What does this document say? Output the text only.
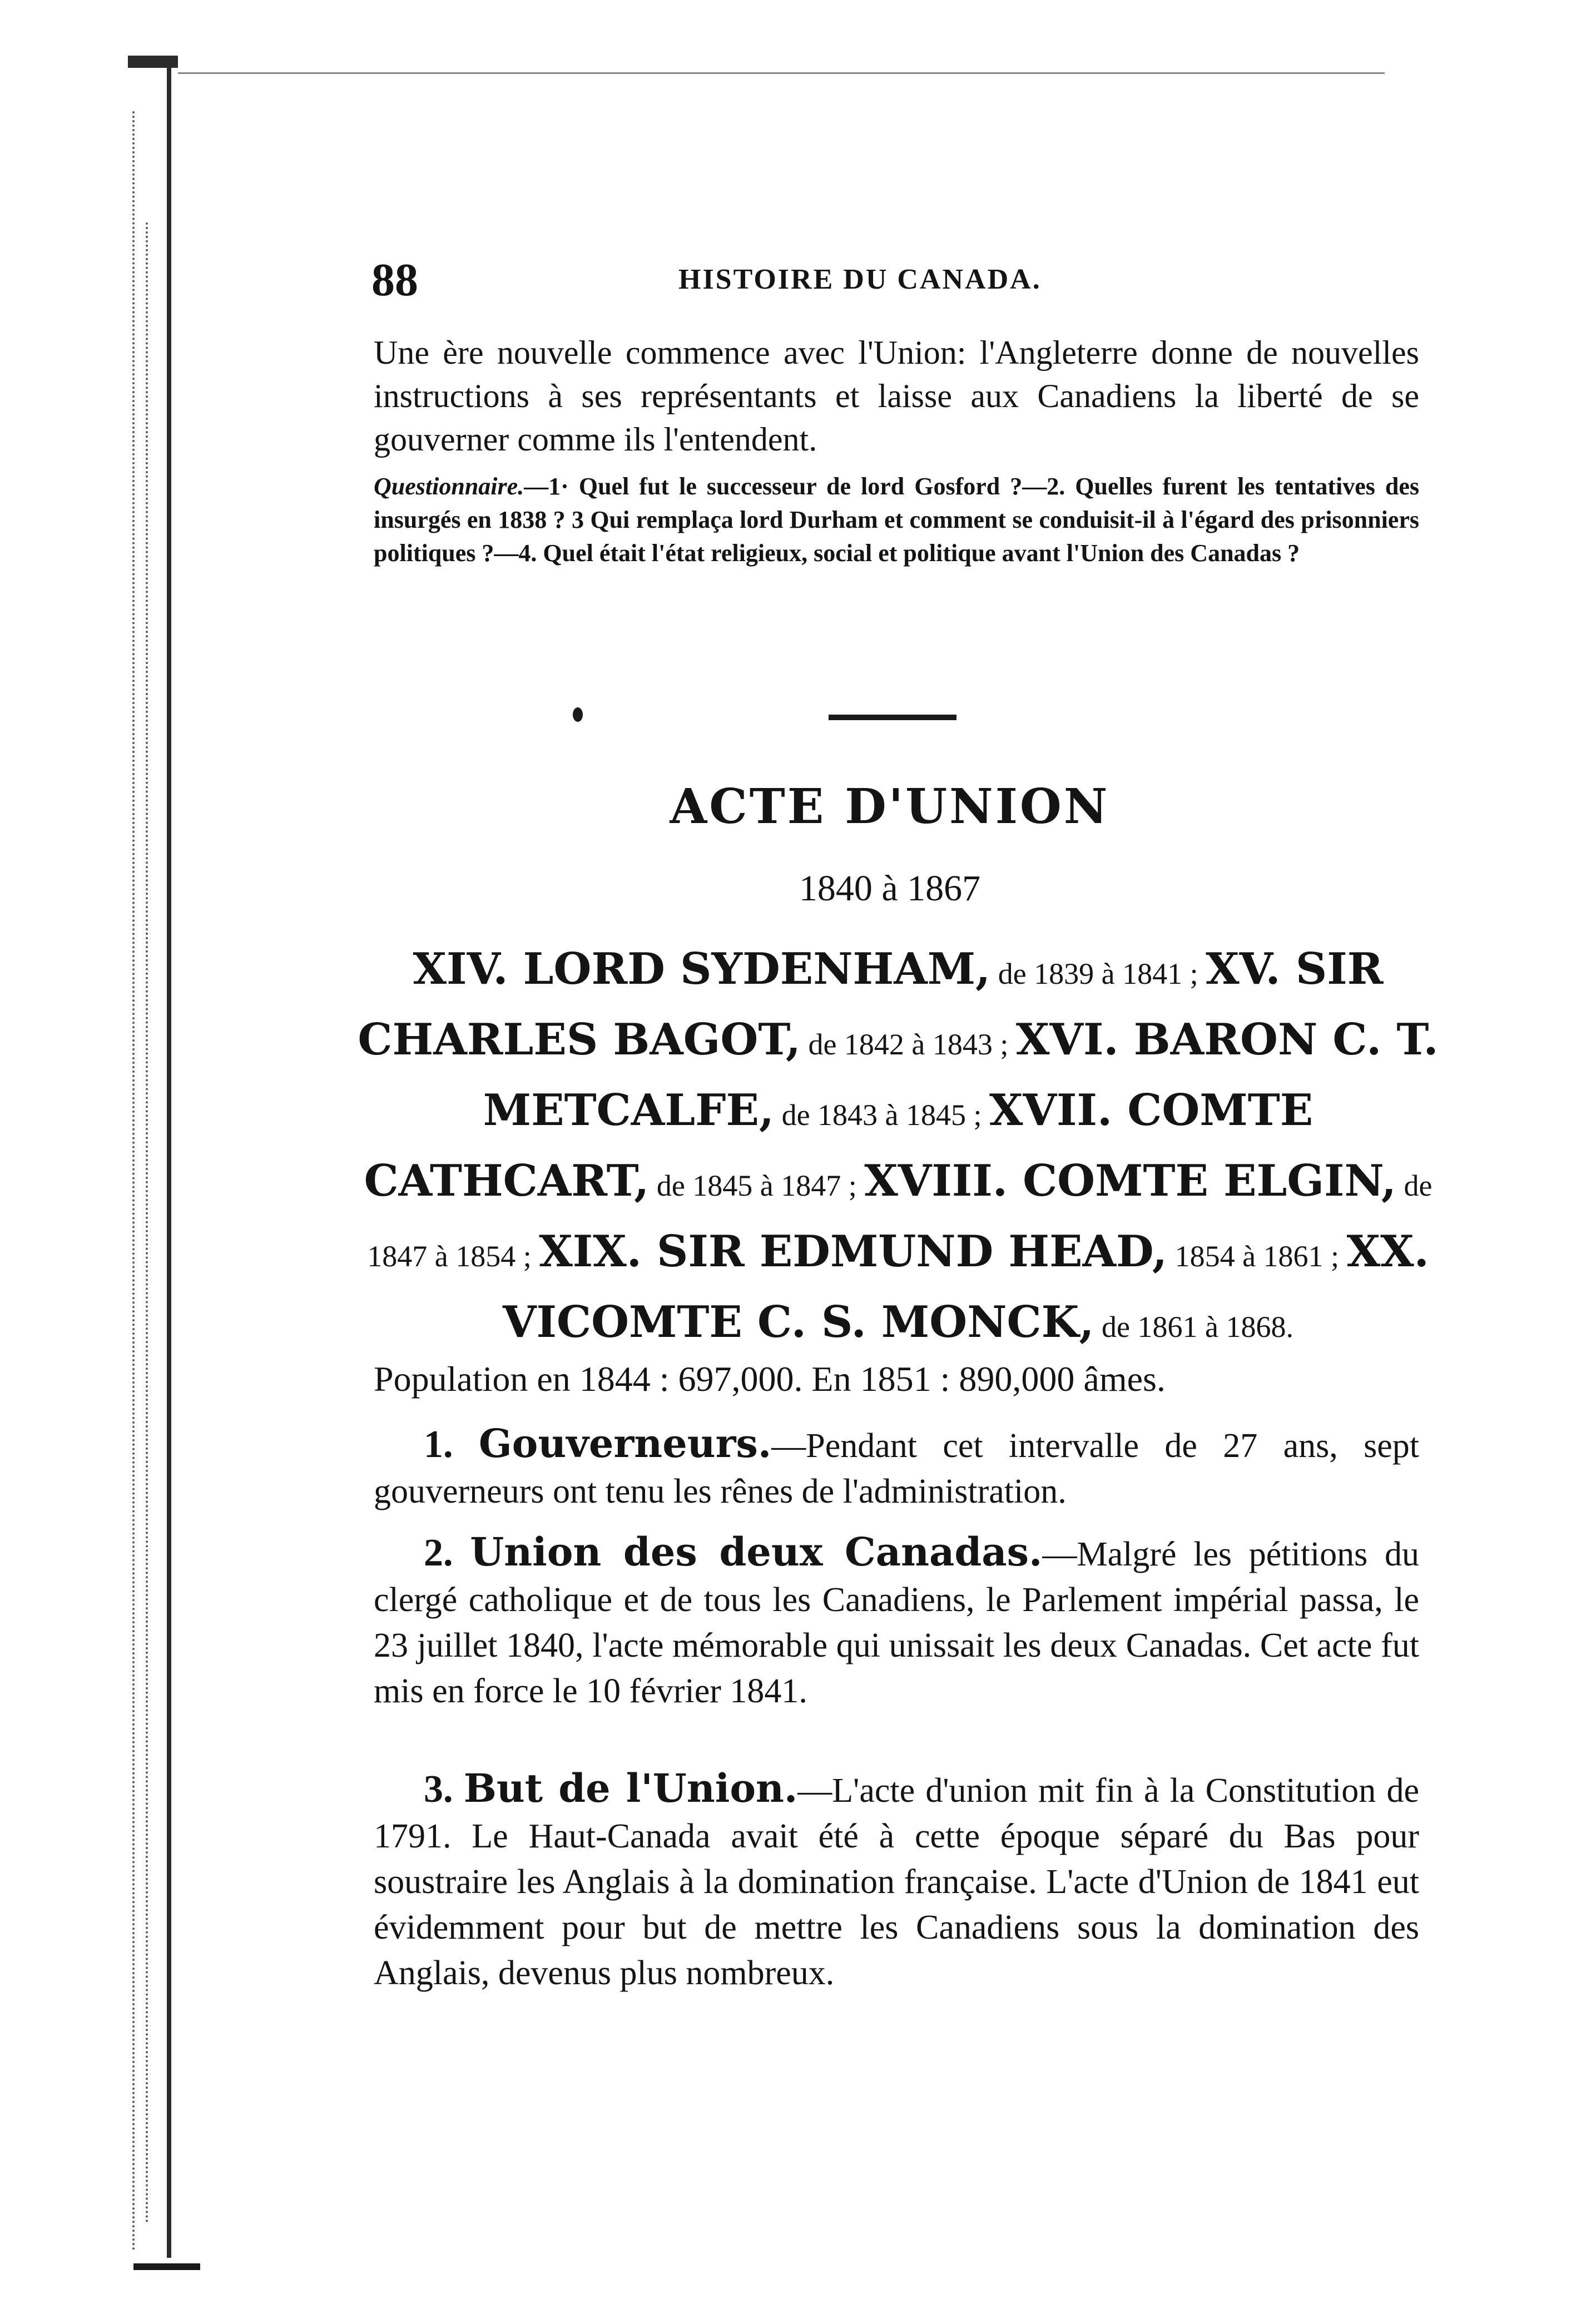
88	HISTOIRE DU CANADA.

Une ère nouvelle commence avec l'Union: l'Angleterre donne de nouvelles instructions à ses représentants et laisse aux Canadiens la liberté de se gouverner comme ils l'entendent.

Questionnaire.—1· Quel fut le successeur de lord Gosford ?—2. Quelles furent les tentatives des insurgés en 1838 ? 3 Qui remplaça lord Durham et comment se conduisit-il à l'égard des prisonniers politiques ?—4. Quel était l'état religieux, social et politique avant l'Union des Canadas ?

ACTE D'UNION
1840 à 1867
XIV. LORD SYDENHAM, de 1839 à 1841 ; XV. SIR CHARLES BAGOT, de 1842 à 1843 ; XVI. BARON C. T. METCALFE, de 1843 à 1845 ; XVII. COMTE CATHCART, de 1845 à 1847 ; XVIII. COMTE ELGIN, de 1847 à 1854 ; XIX. SIR EDMUND HEAD, 1854 à 1861 ; XX. VICOMTE C. S. MONCK, de 1861 à 1868.
Population en 1844 : 697,000. En 1851 : 890,000 âmes.

1. Gouverneurs.—Pendant cet intervalle de 27 ans, sept gouverneurs ont tenu les rênes de l'administration.

2. Union des deux Canadas.—Malgré les pétitions du clergé catholique et de tous les Canadiens, le Parlement impérial passa, le 23 juillet 1840, l'acte mémorable qui unissait les deux Canadas. Cet acte fut mis en force le 10 février 1841.

3. But de l'Union.—L'acte d'union mit fin à la Constitution de 1791. Le Haut-Canada avait été à cette époque séparé du Bas pour soustraire les Anglais à la domination française. L'acte d'Union de 1841 eut évidemment pour but de mettre les Canadiens sous la domination des Anglais, devenus plus nombreux.
